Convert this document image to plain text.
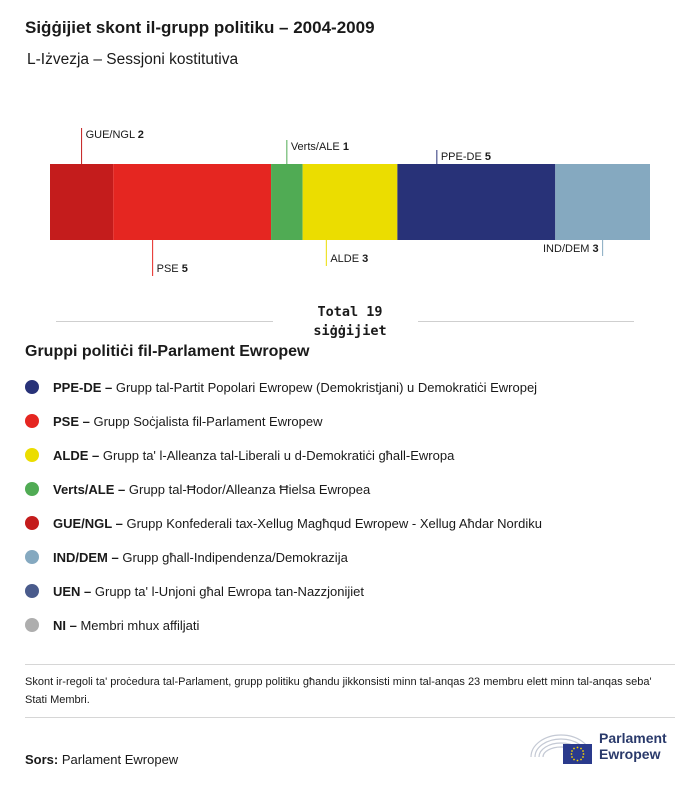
Siġġijiet skont il-grupp politiku – 2004-2009
L-Iżvezja – Sessjoni kostitutiva
GUE/NGL 2
PSE 5
Verts/ALE 1
ALDE 3
PPE-DE 5
IND/DEM 3
Total 19
siġġijiet
Gruppi politiċi fil-Parlament Ewropew
PPE-DE – Grupp tal-Partit Popolari Ewropew (Demokristjani) u Demokratiċi Ewropej
PSE – Grupp Soċjalista fil-Parlament Ewropew
ALDE – Grupp ta' l-Alleanza tal-Liberali u d-Demokratiċi għall-Ewropa
Verts/ALE – Grupp tal-Ħodor/Alleanza Ħielsa Ewropea
GUE/NGL – Grupp Konfederali tax-Xellug Magħqud Ewropew - Xellug Aħdar Nordiku
IND/DEM – Grupp għall-Indipendenza/Demokrazija
UEN – Grupp ta' l-Unjoni għal Ewropa tan-Nazzjonijiet
NI – Membri mhux affiljati
Skont ir-regoli ta' proċedura tal-Parlament, grupp politiku għandu jikkonsisti minn tal-anqas 23 membru elett minn tal-anqas seba' Stati Membri.
Sors: Parlament Ewropew
Parlament
Ewropew
